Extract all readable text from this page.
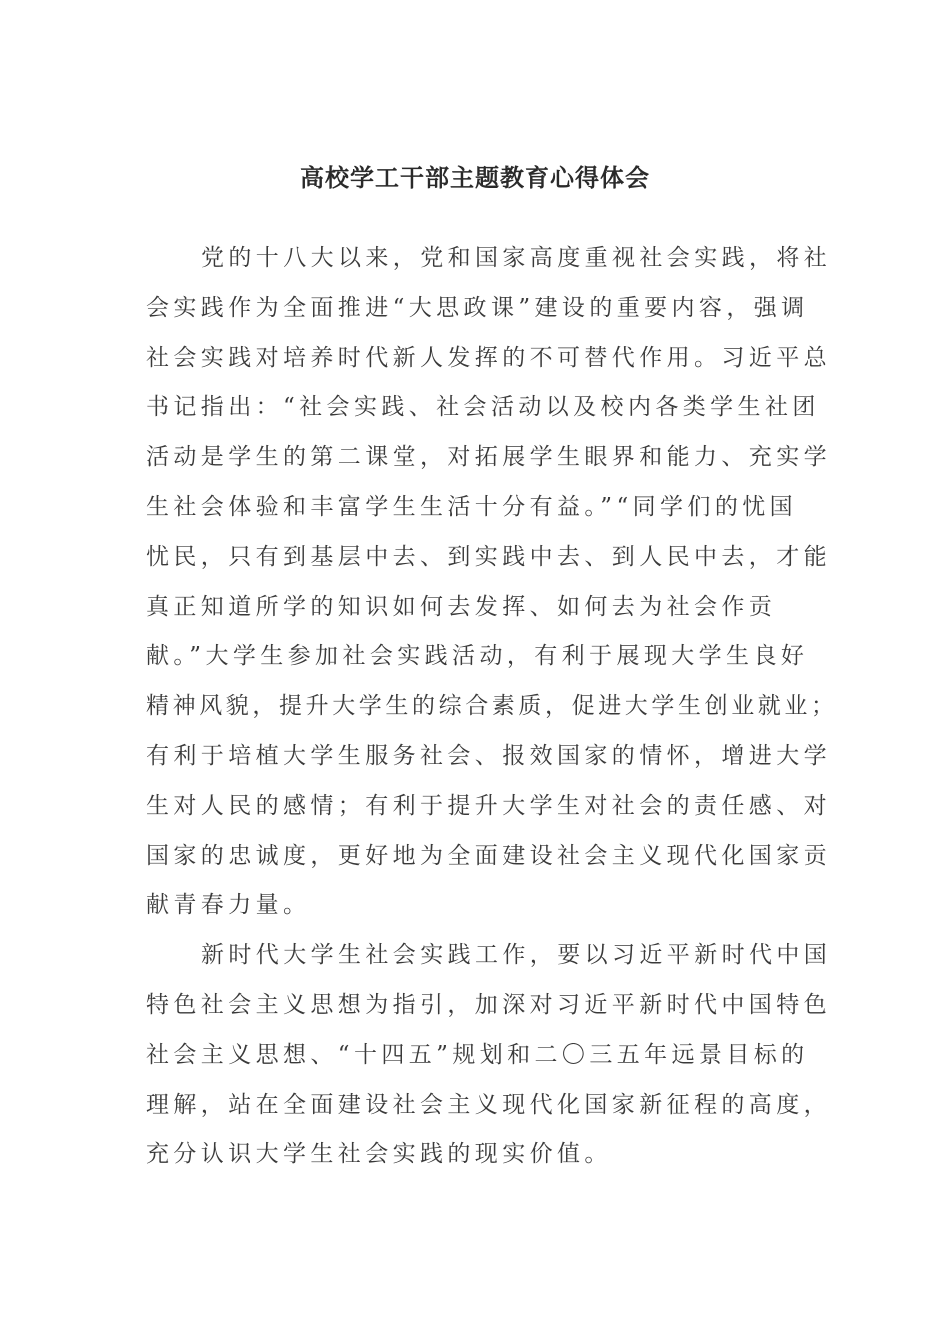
高校学工干部主题教育心得体会
党的十八大以来，党和国家高度重视社会实践，将社
会实践作为全面推进“大思政课”建设的重要内容，强调
社会实践对培养时代新人发挥的不可替代作用。习近平总
书记指出：“社会实践、社会活动以及校内各类学生社团
活动是学生的第二课堂，对拓展学生眼界和能力、充实学
生社会体验和丰富学生生活十分有益。”“同学们的忧国
忧民，只有到基层中去、到实践中去、到人民中去，才能
真正知道所学的知识如何去发挥、如何去为社会作贡
献。”大学生参加社会实践活动，有利于展现大学生良好
精神风貌，提升大学生的综合素质，促进大学生创业就业；
有利于培植大学生服务社会、报效国家的情怀，增进大学
生对人民的感情；有利于提升大学生对社会的责任感、对
国家的忠诚度，更好地为全面建设社会主义现代化国家贡
献青春力量。
新时代大学生社会实践工作，要以习近平新时代中国
特色社会主义思想为指引，加深对习近平新时代中国特色
社会主义思想、“十四五”规划和二〇三五年远景目标的
理解，站在全面建设社会主义现代化国家新征程的高度，
充分认识大学生社会实践的现实价值。
